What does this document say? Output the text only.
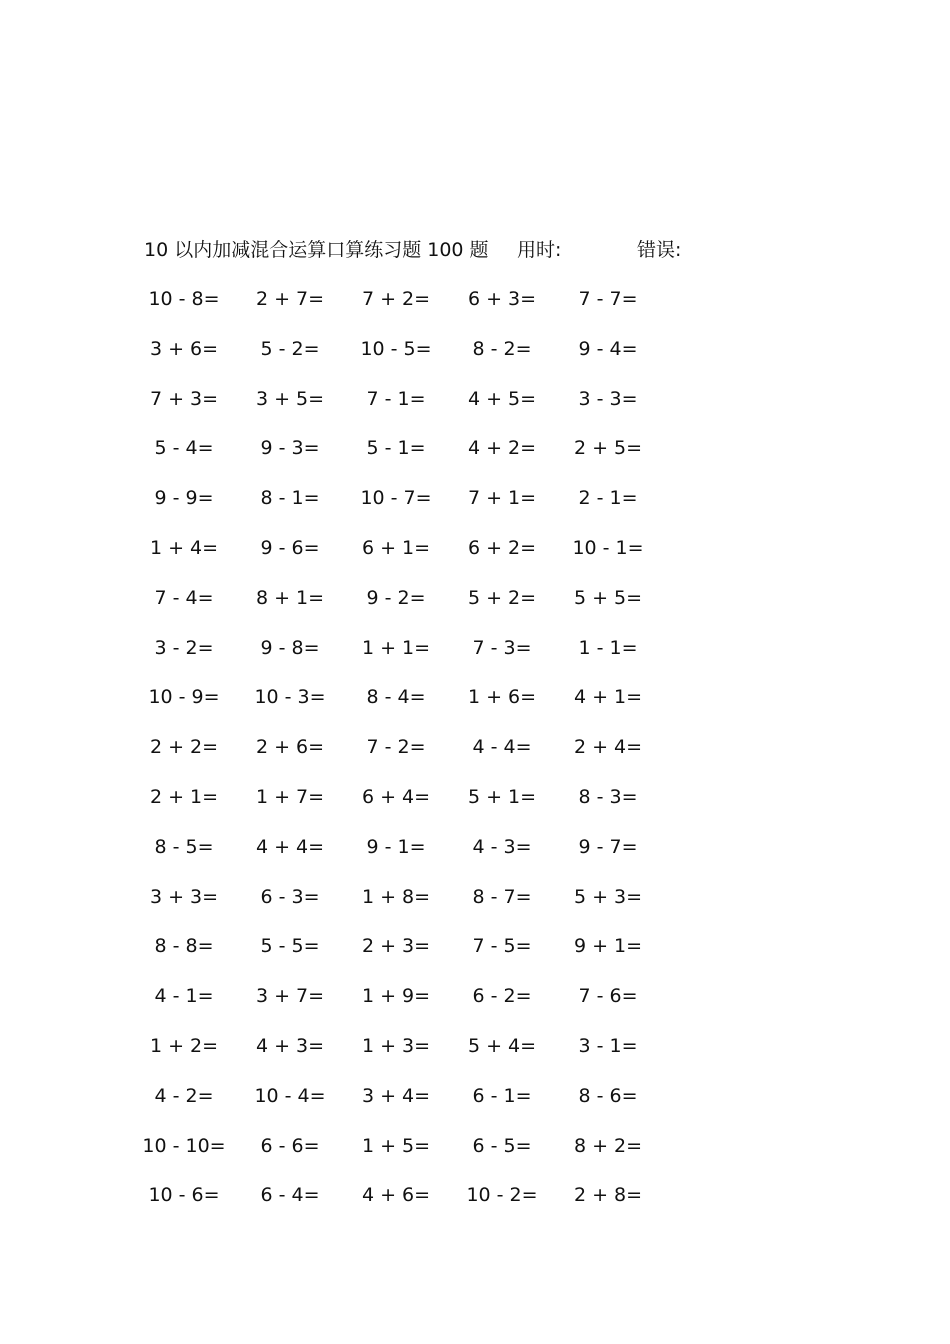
10 以内加减混合运算口算练习题 100 题 用时:	错误:
10 - 8= 2 + 7= 7 + 2= 6 + 3= 7 - 7=
3 + 6= 5 - 2= 10 - 5= 8 - 2= 9 - 4=
7 + 3= 3 + 5= 7 - 1= 4 + 5= 3 - 3=
5 - 4= 9 - 3= 5 - 1= 4 + 2= 2 + 5=
9 - 9= 8 - 1= 10 - 7= 7 + 1= 2 - 1=
1 + 4= 9 - 6= 6 + 1= 6 + 2= 10 - 1=
7 - 4= 8 + 1= 9 - 2= 5 + 2= 5 + 5=
3 - 2= 9 - 8= 1 + 1= 7 - 3= 1 - 1=
10 - 9= 10 - 3= 8 - 4= 1 + 6= 4 + 1=
2 + 2= 2 + 6= 7 - 2= 4 - 4= 2 + 4=
2 + 1= 1 + 7= 6 + 4= 5 + 1= 8 - 3=
8 - 5= 4 + 4= 9 - 1= 4 - 3= 9 - 7=
3 + 3= 6 - 3= 1 + 8= 8 - 7= 5 + 3=
8 - 8= 5 - 5= 2 + 3= 7 - 5= 9 + 1=
4 - 1= 3 + 7= 1 + 9= 6 - 2= 7 - 6=
1 + 2= 4 + 3= 1 + 3= 5 + 4= 3 - 1=
4 - 2= 10 - 4= 3 + 4= 6 - 1= 8 - 6=
10 - 10= 6 - 6= 1 + 5= 6 - 5= 8 + 2=
10 - 6= 6 - 4= 4 + 6= 10 - 2= 2 + 8=
